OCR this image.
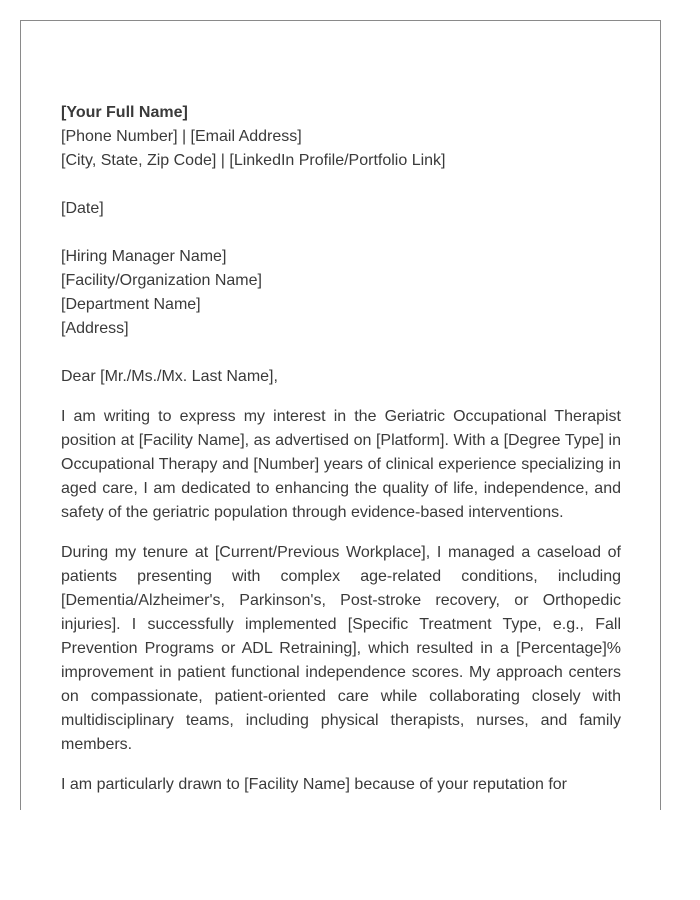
[Your Full Name]
[Phone Number] | [Email Address]
[City, State, Zip Code] | [LinkedIn Profile/Portfolio Link]
[Date]
[Hiring Manager Name]
[Facility/Organization Name]
[Department Name]
[Address]
Dear [Mr./Ms./Mx. Last Name],

I am writing to express my interest in the Geriatric Occupational Therapist position at [Facility Name], as advertised on [Platform]. With a [Degree Type] in Occupational Therapy and [Number] years of clinical experience specializing in aged care, I am dedicated to enhancing the quality of life, independence, and safety of the geriatric population through evidence-based interventions.

During my tenure at [Current/Previous Workplace], I managed a caseload of patients presenting with complex age-related conditions, including [Dementia/Alzheimer's, Parkinson's, Post-stroke recovery, or Orthopedic injuries]. I successfully implemented [Specific Treatment Type, e.g., Fall Prevention Programs or ADL Retraining], which resulted in a [Percentage]% improvement in patient functional independence scores. My approach centers on compassionate, patient-oriented care while collaborating closely with multidisciplinary teams, including physical therapists, nurses, and family members.

I am particularly drawn to [Facility Name] because of your reputation for
